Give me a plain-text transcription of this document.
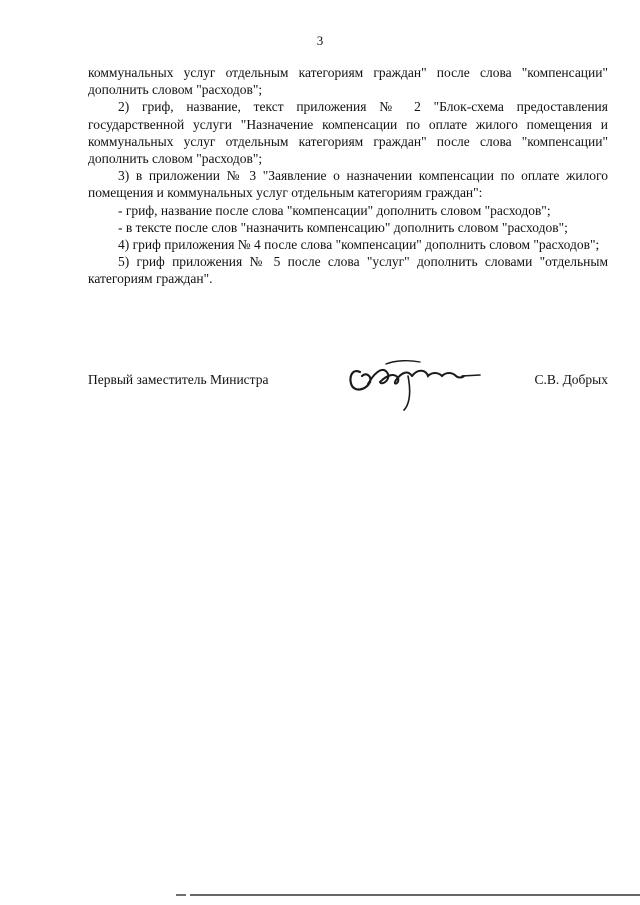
3

коммунальных услуг отдельным категориям граждан" после слова "компенсации" дополнить словом "расходов";

2) гриф, название, текст приложения № 2 "Блок-схема предоставления государственной услуги "Назначение компенсации по оплате жилого помещения и коммунальных услуг отдельным категориям граждан" после слова "компенсации" дополнить словом "расходов";

3) в приложении № 3 "Заявление о назначении компенсации по оплате жилого помещения и коммунальных услуг отдельным категориям граждан":

- гриф, название после слова "компенсации" дополнить словом "расходов";

- в тексте после слов "назначить компенсацию" дополнить словом "расходов";

4) гриф приложения № 4 после слова "компенсации" дополнить словом "расходов";

5) гриф приложения № 5 после слова "услуг" дополнить словами "отдельным категориям граждан".

Первый заместитель Министра	С.В. Добрых
